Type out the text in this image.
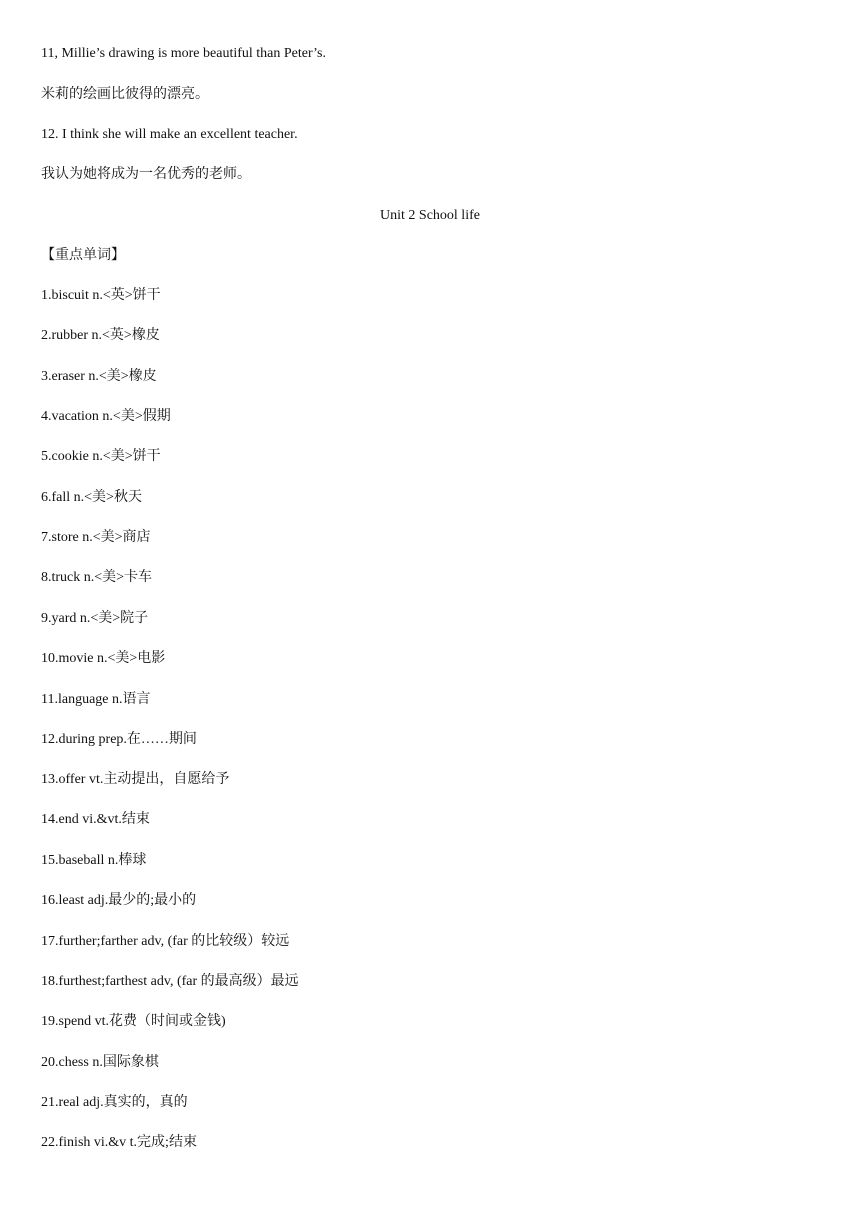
11, Millie’s drawing is more beautiful than Peter’s.
米莉的绘画比彼得的漂亮。
12. I think she will make an excellent teacher.
我认为她将成为一名优秀的老师。
Unit 2 School life
【重点单词】
1.biscuit n.<英>饼干
2.rubber n.<英>橡皮
3.eraser n.<美>橡皮
4.vacation n.<美>假期
5.cookie n.<美>饼干
6.fall n.<美>秋天
7.store n.<美>商店
8.truck n.<美>卡车
9.yard n.<美>院子
10.movie n.<美>电影
11.language n.语言
12.during prep.在……期间
13.offer vt.主动提出，自愿给予
14.end vi.&vt.结束
15.baseball n.棒球
16.least adj.最少的;最小的
17.further;farther adv, (far 的比较级）较远
18.furthest;farthest adv, (far 的最高级）最远
19.spend vt.花费（时间或金钱)
20.chess n.国际象棋
21.real adj.真实的，真的
22.finish vi.&v t.完成;结束
